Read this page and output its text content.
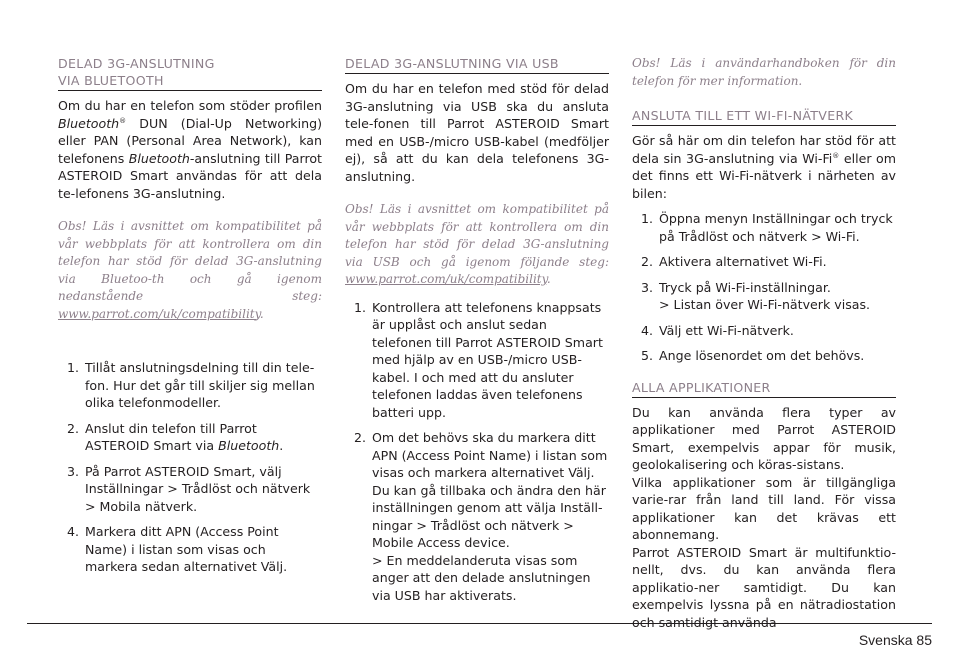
DELAD 3G-ANSLUTNING
VIA BLUETOOTH

Om du har en telefon som stöder profilen Bluetooth® DUN (Dial-Up Networking) eller PAN (Personal Area Network), kan telefonens Bluetooth-anslutning till Parrot ASTEROID Smart användas för att dela te-lefonens 3G-anslutning.

Obs! Läs i avsnittet om kompatibilitet på vår webbplats för att kontrollera om din telefon har stöd för delad 3G-anslutning via Bluetoo-th och gå igenom nedanstående steg: www.parrot.com/uk/compatibility.

1. Tillåt anslutningsdelning till din tele-fon. Hur det går till skiljer sig mellan olika telefonmodeller.
2. Anslut din telefon till Parrot ASTEROID Smart via Bluetooth.
3. På Parrot ASTEROID Smart, välj Inställningar > Trådlöst och nätverk > Mobila nätverk.
4. Markera ditt APN (Access Point Name) i listan som visas och markera sedan alternativet Välj.
DELAD 3G-ANSLUTNING VIA USB

Om du har en telefon med stöd för delad 3G-anslutning via USB ska du ansluta tele-fonen till Parrot ASTEROID Smart med en USB-/micro USB-kabel (medföljer ej), så att du kan dela telefonens 3G-anslutning.

Obs! Läs i avsnittet om kompatibilitet på vår webbplats för att kontrollera om din telefon har stöd för delad 3G-anslutning via USB och gå igenom följande steg: www.parrot.com/uk/compatibility.

1. Kontrollera att telefonens knappsats är upplåst och anslut sedan telefonen till Parrot ASTEROID Smart med hjälp av en USB-/micro USB-kabel. I och med att du ansluter telefonen laddas även telefonens batteri upp.
2. Om det behövs ska du markera ditt APN (Access Point Name) i listan som visas och markera alternativet Välj.
Du kan gå tillbaka och ändra den här inställningen genom att välja Inställ-ningar > Trådlöst och nätverk > Mobile Access device.
> En meddelanderuta visas som anger att den delade anslutningen via USB har aktiverats.

Obs! Läs i användarhandboken för din telefon för mer information.

ANSLUTA TILL ETT WI-FI-NÄTVERK

Gör så här om din telefon har stöd för att dela sin 3G-anslutning via Wi-Fi® eller om det finns ett Wi-Fi-nätverk i närheten av bilen:

1. Öppna menyn Inställningar och tryck på Trådlöst och nätverk > Wi-Fi.
2. Aktivera alternativet Wi-Fi.
3. Tryck på Wi-Fi-inställningar.
> Listan över Wi-Fi-nätverk visas.
4. Välj ett Wi-Fi-nätverk.
5. Ange lösenordet om det behövs.
ALLA APPLIKATIONER

Du kan använda flera typer av applikationer med Parrot ASTEROID Smart, exempelvis appar för musik, geolokalisering och köras-sistans.

Vilka applikationer som är tillgängliga varie-rar från land till land. För vissa applikationer kan det krävas ett abonnemang.

Parrot ASTEROID Smart är multifunktio-nellt, dvs. du kan använda flera applikatio-ner samtidigt. Du kan exempelvis lyssna på en nätradiostation och samtidigt använda

Svenska 85
